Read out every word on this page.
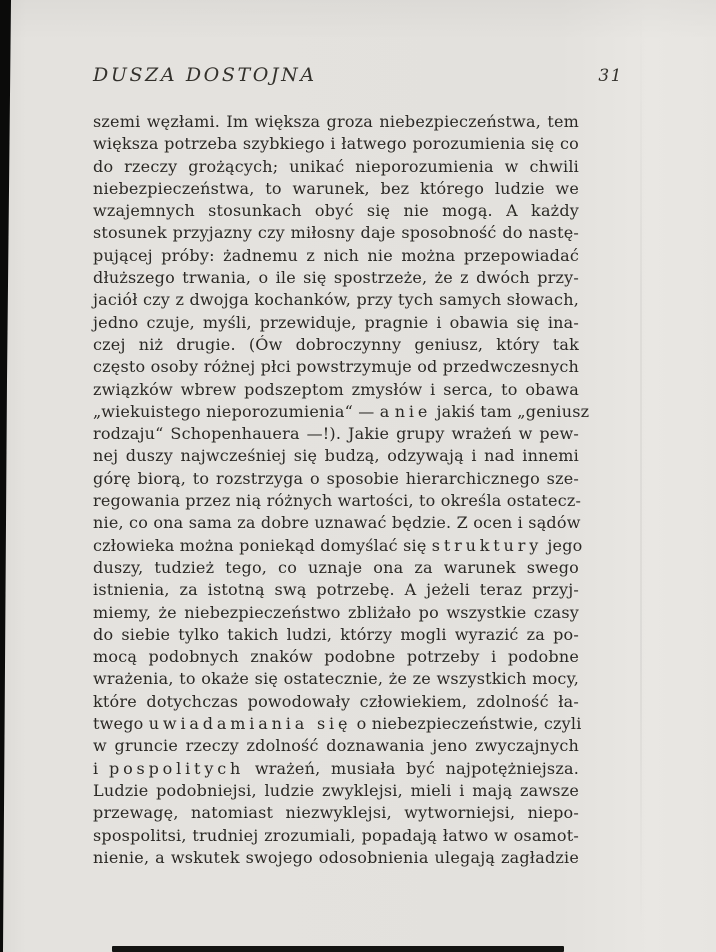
DUSZA DOSTOJNA	31
szemi węzłami. Im większa groza niebezpieczeństwa, tem
większa potrzeba szybkiego i łatwego porozumienia się co
do rzeczy grożących; unikać nieporozumienia w chwili
niebezpieczeństwa, to warunek, bez którego ludzie we
wzajemnych stosunkach obyć się nie mogą. A każdy
stosunek przyjazny czy miłosny daje sposobność do nastę-
pującej próby: żadnemu z nich nie można przepowiadać
dłuższego trwania, o ile się spostrzeże, że z dwóch przy-
jaciół czy z dwojga kochanków, przy tych samych słowach,
jedno czuje, myśli, przewiduje, pragnie i obawia się ina-
czej niż drugie. (Ów dobroczynny geniusz, który tak
często osoby różnej płci powstrzymuje od przedwczesnych
związków wbrew podszeptom zmysłów i serca, to obawa
„wiekuistego nieporozumienia“ — a nie jakiś tam „geniusz
rodzaju“ Schopenhauera —!). Jakie grupy wrażeń w pew-
nej duszy najwcześniej się budzą, odzywają i nad innemi
górę biorą, to rozstrzyga o sposobie hierarchicznego sze-
regowania przez nią różnych wartości, to określa ostatecz-
nie, co ona sama za dobre uznawać będzie. Z ocen i sądów
człowieka można poniekąd domyślać się struktury jego
duszy, tudzież tego, co uznaje ona za warunek swego
istnienia, za istotną swą potrzebę. A jeżeli teraz przyj-
miemy, że niebezpieczeństwo zbliżało po wszystkie czasy
do siebie tylko takich ludzi, którzy mogli wyrazić za po-
mocą podobnych znaków podobne potrzeby i podobne
wrażenia, to okaże się ostatecznie, że ze wszystkich mocy,
które dotychczas powodowały człowiekiem, zdolność ła-
twego uwiadamiania się o niebezpieczeństwie, czyli
w gruncie rzeczy zdolność doznawania jeno zwyczajnych
i pospolitych wrażeń, musiała być najpotężniejsza.
Ludzie podobniejsi, ludzie zwyklejsi, mieli i mają zawsze
przewagę, natomiast niezwyklejsi, wytworniejsi, niepo-
spospolitsi, trudniej zrozumiali, popadają łatwo w osamot-
nienie, a wskutek swojego odosobnienia ulegają zagładzie
